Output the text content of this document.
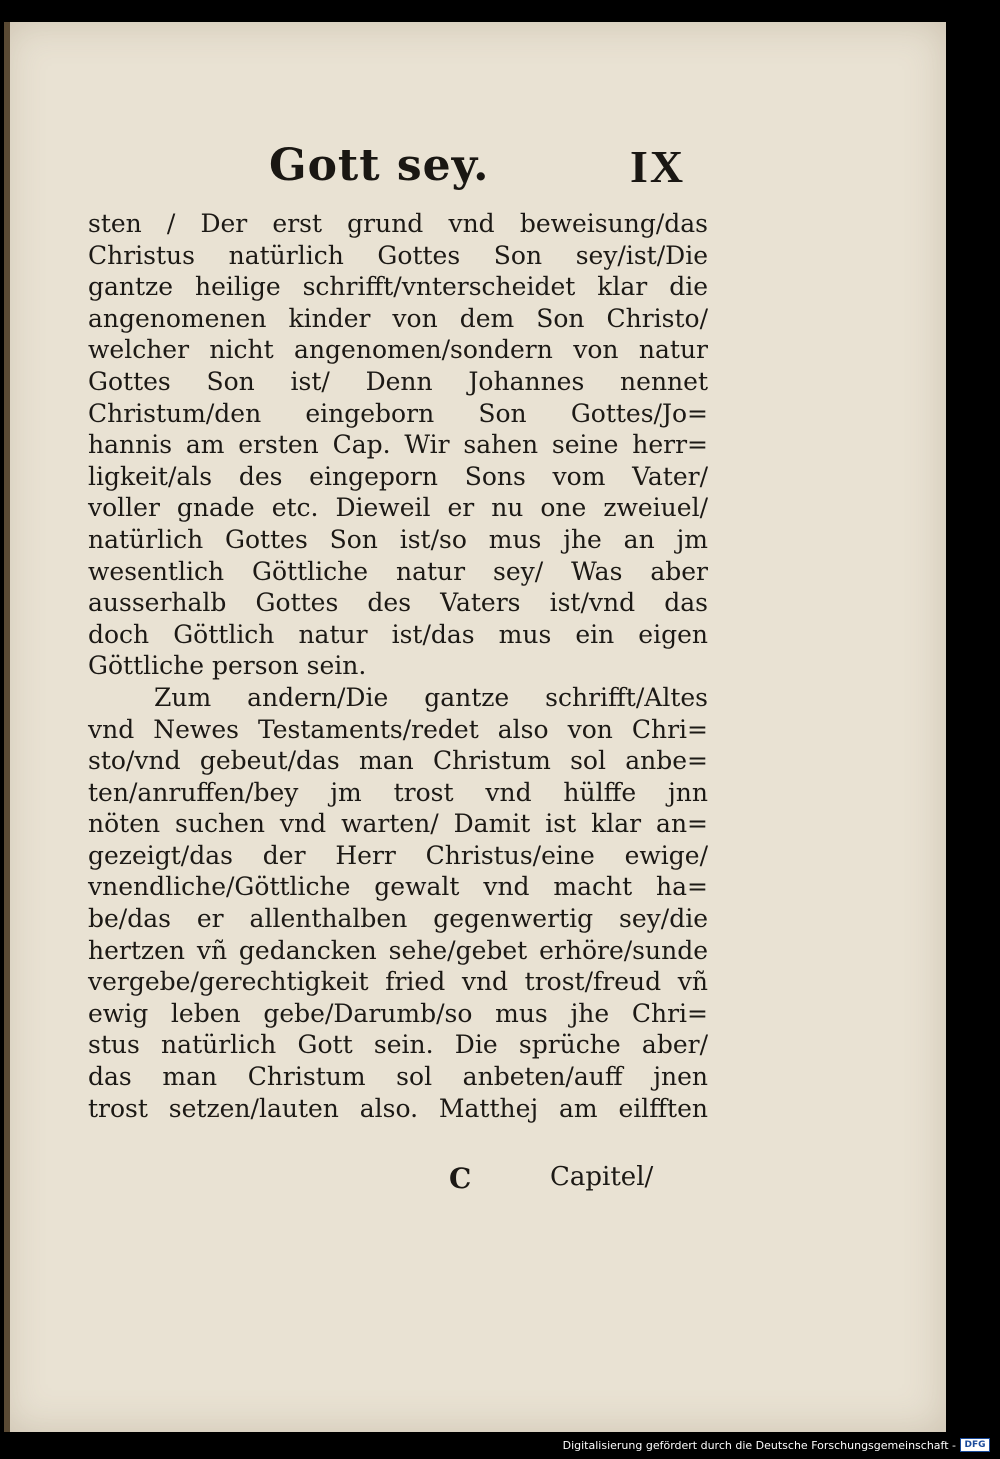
Gott sey.	IX
sten / Der erst grund vnd beweisung/das
Christus natürlich Gottes Son sey/ist/Die
gantze heilige schrifft/vnterscheidet klar die
angenomenen kinder von dem Son Christo/
welcher nicht angenomen/sondern von natur
Gottes Son ist/ Denn Johannes nennet
Christum/den eingeborn Son Gottes/Jo=
hannis am ersten Cap. Wir sahen seine herr=
ligkeit/als des eingeporn Sons vom Vater/
voller gnade etc. Dieweil er nu one zweiuel/
natürlich Gottes Son ist/so mus jhe an jm
wesentlich Göttliche natur sey/ Was aber
ausserhalb Gottes des Vaters ist/vnd das
doch Göttlich natur ist/das mus ein eigen
Göttliche person sein.
Zum andern/Die gantze schrifft/Altes
vnd Newes Testaments/redet also von Chri=
sto/vnd gebeut/das man Christum sol anbe=
ten/anruffen/bey jm trost vnd hülffe jnn
nöten suchen vnd warten/ Damit ist klar an=
gezeigt/das der Herr Christus/eine ewige/
vnendliche/Göttliche gewalt vnd macht ha=
be/das er allenthalben gegenwertig sey/die
hertzen vñ gedancken sehe/gebet erhöre/sunde
vergebe/gerechtigkeit fried vnd trost/freud vñ
ewig leben gebe/Darumb/so mus jhe Chri=
stus natürlich Gott sein. Die sprüche aber/
das man Christum sol anbeten/auff jnen
trost setzen/lauten also. Matthej am eilfften
C	Capitel/
Digitalisierung gefördert durch die Deutsche Forschungsgemeinschaft - DFG
